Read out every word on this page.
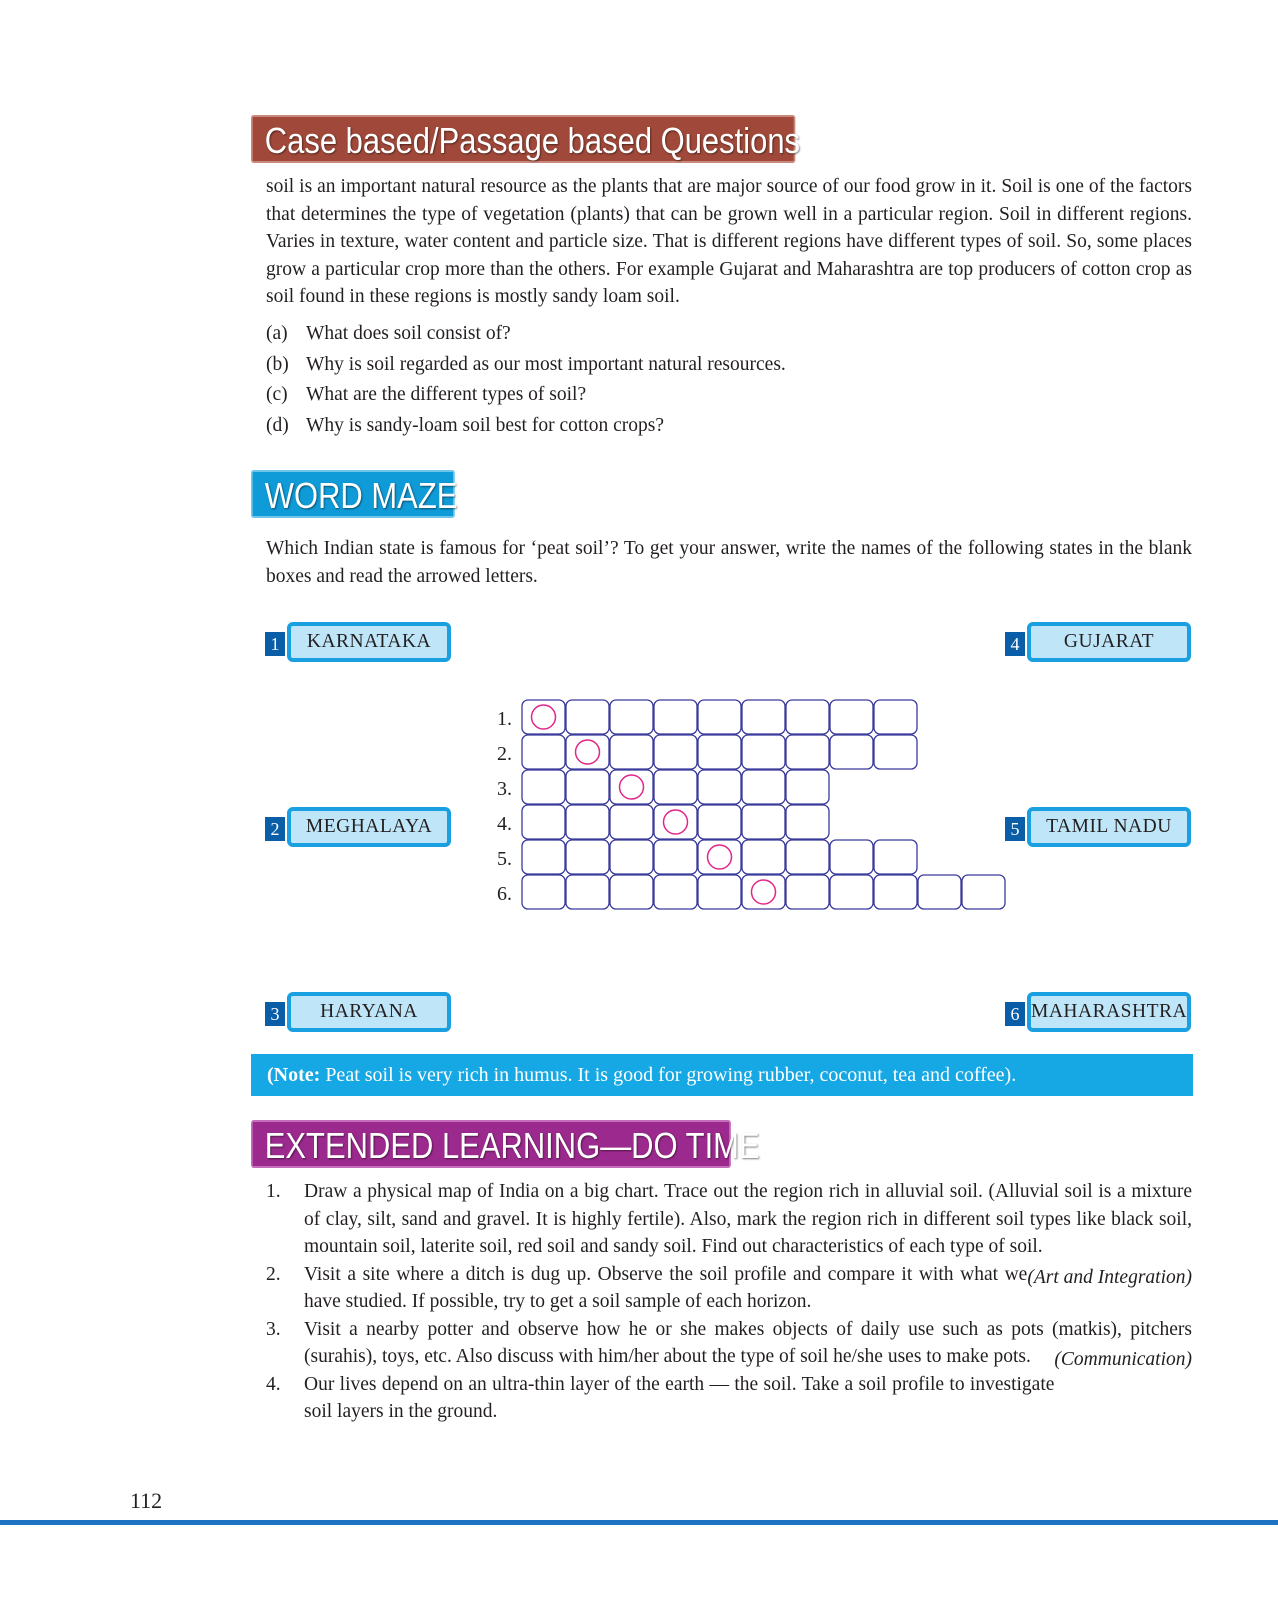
Case based/Passage based Questions
soil is an important natural resource as the plants that are major source of our food grow in it. Soil is one of the factors that determines the type of vegetation (plants) that can be grown well in a particular region. Soil in different regions. Varies in texture, water content and particle size. That is different regions have different types of soil. So, some places grow a particular crop more than the others. For example Gujarat and Maharashtra are top producers of cotton crop as soil found in these regions is mostly sandy loam soil.
(a) What does soil consist of?
(b) Why is soil regarded as our most important natural resources.
(c) What are the different types of soil?
(d) Why is sandy-loam soil best for cotton crops?
WORD MAZE
Which Indian state is famous for ‘peat soil’? To get your answer, write the names of the following states in the blank boxes and read the arrowed letters.
1	KARNATAKA
2	MEGHALAYA
3	HARYANA
4	GUJARAT
5	TAMIL NADU
6 MAHARASHTRA
1.
2.
3.
4.
5.
6.
(Note: Peat soil is very rich in humus. It is good for growing rubber, coconut, tea and coffee).
EXTENDED LEARNING—DO TIME
1. Draw a physical map of India on a big chart. Trace out the region rich in alluvial soil. (Alluvial soil is a mixture of clay, silt, sand and gravel. It is highly fertile). Also, mark the region rich in different soil types like black soil, mountain soil, laterite soil, red soil and sandy soil. Find out characteristics of each type of soil.
(Art and Integration)
2. Visit a site where a ditch is dug up. Observe the soil profile and compare it with what we have studied. If possible, try to get a soil sample of each horizon.
3. Visit a nearby potter and observe how he or she makes objects of daily use such as pots (matkis), pitchers (surahis), toys, etc. Also discuss with him/her about the type of soil he/she uses to make pots. (Communication)
4. Our lives depend on an ultra-thin layer of the earth — the soil. Take a soil profile to investigate soil layers in the ground.
112
